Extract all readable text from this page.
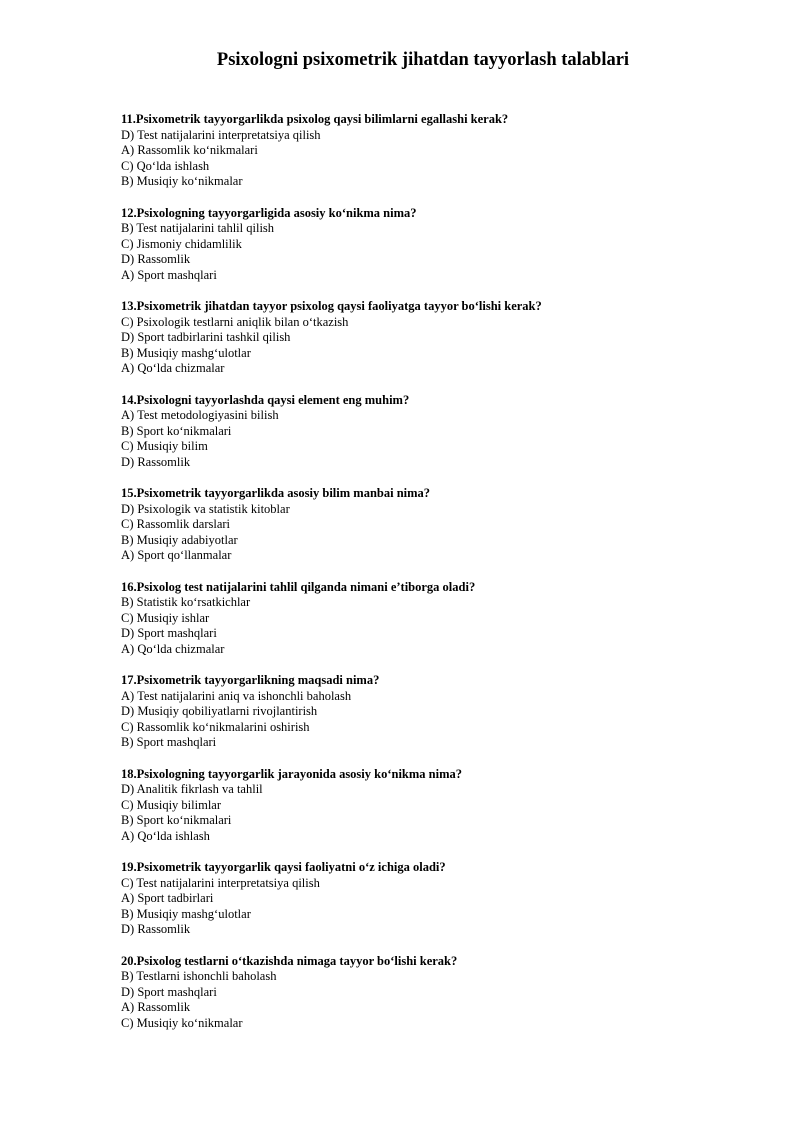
Psixologni psixometrik jihatdan tayyorlash talablari
11.Psixometrik tayyorgarlikda psixolog qaysi bilimlarni egallashi kerak?
D) Test natijalarini interpretatsiya qilish
A) Rassomlik ko‘nikmalari
C) Qo‘lda ishlash
B) Musiqiy ko‘nikmalar
12.Psixologning tayyorgarligida asosiy ko‘nikma nima?
B) Test natijalarini tahlil qilish
C) Jismoniy chidamlilik
D) Rassomlik
A) Sport mashqlari
13.Psixometrik jihatdan tayyor psixolog qaysi faoliyatga tayyor bo‘lishi kerak?
C) Psixologik testlarni aniqlik bilan o‘tkazish
D) Sport tadbirlarini tashkil qilish
B) Musiqiy mashg‘ulotlar
A) Qo‘lda chizmalar
14.Psixologni tayyorlashda qaysi element eng muhim?
A) Test metodologiyasini bilish
B) Sport ko‘nikmalari
C) Musiqiy bilim
D) Rassomlik
15.Psixometrik tayyorgarlikda asosiy bilim manbai nima?
D) Psixologik va statistik kitoblar
C) Rassomlik darslari
B) Musiqiy adabiyotlar
A) Sport qo‘llanmalar
16.Psixolog test natijalarini tahlil qilganda nimani e’tiborga oladi?
B) Statistik ko‘rsatkichlar
C) Musiqiy ishlar
D) Sport mashqlari
A) Qo‘lda chizmalar
17.Psixometrik tayyorgarlikning maqsadi nima?
A) Test natijalarini aniq va ishonchli baholash
D) Musiqiy qobiliyatlarni rivojlantirish
C) Rassomlik ko‘nikmalarini oshirish
B) Sport mashqlari
18.Psixologning tayyorgarlik jarayonida asosiy ko‘nikma nima?
D) Analitik fikrlash va tahlil
C) Musiqiy bilimlar
B) Sport ko‘nikmalari
A) Qo‘lda ishlash
19.Psixometrik tayyorgarlik qaysi faoliyatni o‘z ichiga oladi?
C) Test natijalarini interpretatsiya qilish
A) Sport tadbirlari
B) Musiqiy mashg‘ulotlar
D) Rassomlik
20.Psixolog testlarni o‘tkazishda nimaga tayyor bo‘lishi kerak?
B) Testlarni ishonchli baholash
D) Sport mashqlari
A) Rassomlik
C) Musiqiy ko‘nikmalar
